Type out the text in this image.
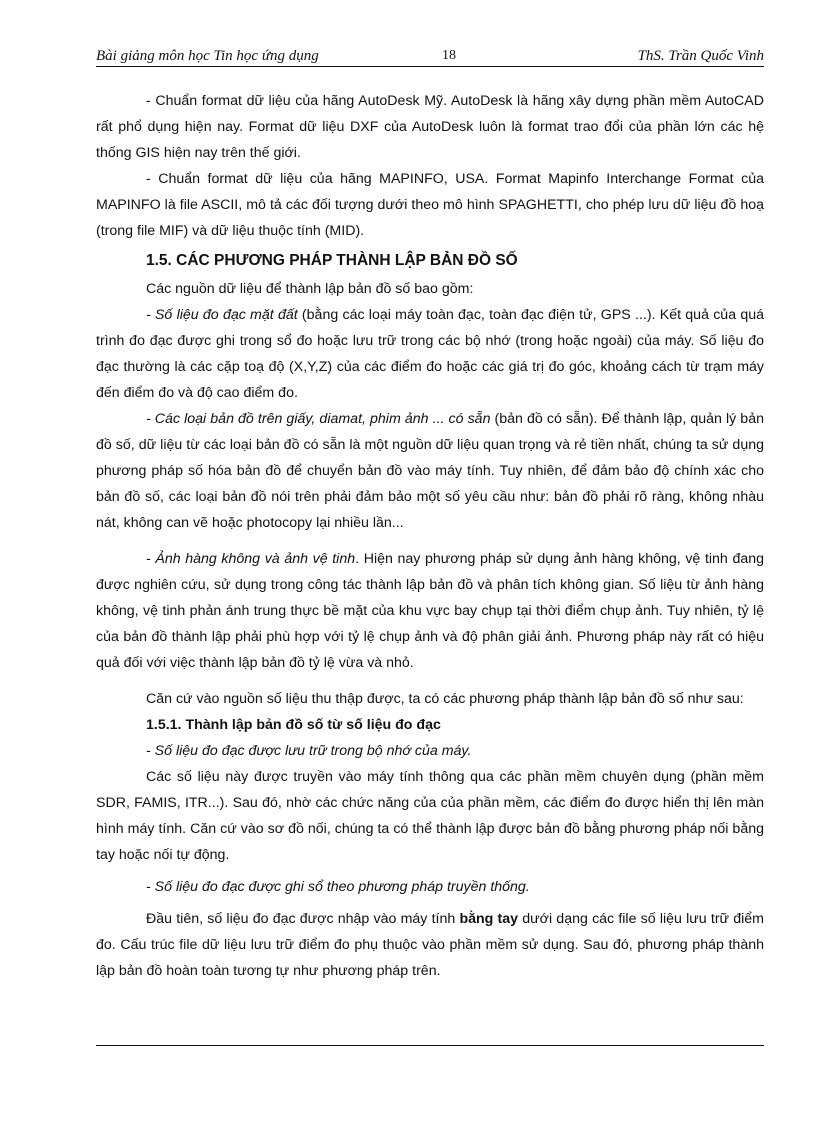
Bài giảng môn học Tin học ứng dụng	18	ThS. Trần Quốc Vinh

- Chuẩn format dữ liệu của hãng AutoDesk Mỹ. AutoDesk là hãng xây dựng phần mềm AutoCAD rất phổ dụng hiện nay. Format dữ liệu DXF của AutoDesk luôn là format trao đổi của phần lớn các hệ thống GIS hiện nay trên thế giới.

- Chuẩn format dữ liệu của hãng MAPINFO, USA. Format Mapinfo Interchange Format của MAPINFO là file ASCII, mô tả các đối tượng dưới theo mô hình SPAGHETTI, cho phép lưu dữ liệu đồ hoạ (trong file MIF) và dữ liệu thuộc tính (MID).

1.5. CÁC PHƯƠNG PHÁP THÀNH LẬP BẢN ĐỒ SỐ

Các nguồn dữ liệu để thành lập bản đồ số bao gồm:

- Số liệu đo đạc mặt đất (bằng các loại máy toàn đạc, toàn đạc điện tử, GPS ...). Kết quả của quá trình đo đạc được ghi trong sổ đo hoặc lưu trữ trong các bộ nhớ (trong hoặc ngoài) của máy. Số liệu đo đạc thường là các cặp toạ độ (X,Y,Z) của các điểm đo hoặc các giá trị đo góc, khoảng cách từ trạm máy đến điểm đo và độ cao điểm đo.

- Các loại bản đồ trên giấy, diamat, phim ảnh ... có sẵn (bản đồ có sẵn). Để thành lập, quản lý bản đồ số, dữ liệu từ các loại bản đồ có sẵn là một nguồn dữ liệu quan trọng và rẻ tiền nhất, chúng ta sử dụng phương pháp số hóa bản đồ để chuyển bản đồ vào máy tính. Tuy nhiên, để đảm bảo độ chính xác cho bản đồ số, các loại bản đồ nói trên phải đảm bảo một số yêu cầu như: bản đồ phải rõ ràng, không nhàu nát, không can vẽ hoặc photocopy lại nhiều lần...

- Ảnh hàng không và ảnh vệ tinh. Hiện nay phương pháp sử dụng ảnh hàng không, vệ tinh đang được nghiên cứu, sử dụng trong công tác thành lập bản đồ và phân tích không gian. Số liệu từ ảnh hàng không, vệ tinh phản ánh trung thực bề mặt của khu vực bay chụp tại thời điểm chụp ảnh. Tuy nhiên, tỷ lệ của bản đồ thành lập phải phù hợp với tỷ lệ chụp ảnh và độ phân giải ảnh. Phương pháp này rất có hiệu quả đối với việc thành lập bản đồ tỷ lệ vừa và nhỏ.

Căn cứ vào nguồn số liệu thu thập được, ta có các phương pháp thành lập bản đồ số như sau:

1.5.1. Thành lập bản đồ số từ số liệu đo đạc

- Số liệu đo đạc được lưu trữ trong bộ nhớ của máy.

Các số liệu này được truyền vào máy tính thông qua các phần mềm chuyên dụng (phần mềm SDR, FAMIS, ITR...). Sau đó, nhờ các chức năng của của phần mềm, các điểm đo được hiển thị lên màn hình máy tính. Căn cứ vào sơ đồ nối, chúng ta có thể thành lập được bản đồ bằng phương pháp nối bằng tay hoặc nối tự động.

- Số liệu đo đạc được ghi sổ theo phương pháp truyền thống.

Đầu tiên, số liệu đo đạc được nhập vào máy tính bằng tay dưới dạng các file số liệu lưu trữ điểm đo. Cấu trúc file dữ liệu lưu trữ điểm đo phụ thuộc vào phần mềm sử dụng. Sau đó, phương pháp thành lập bản đồ hoàn toàn tương tự như phương pháp trên.
